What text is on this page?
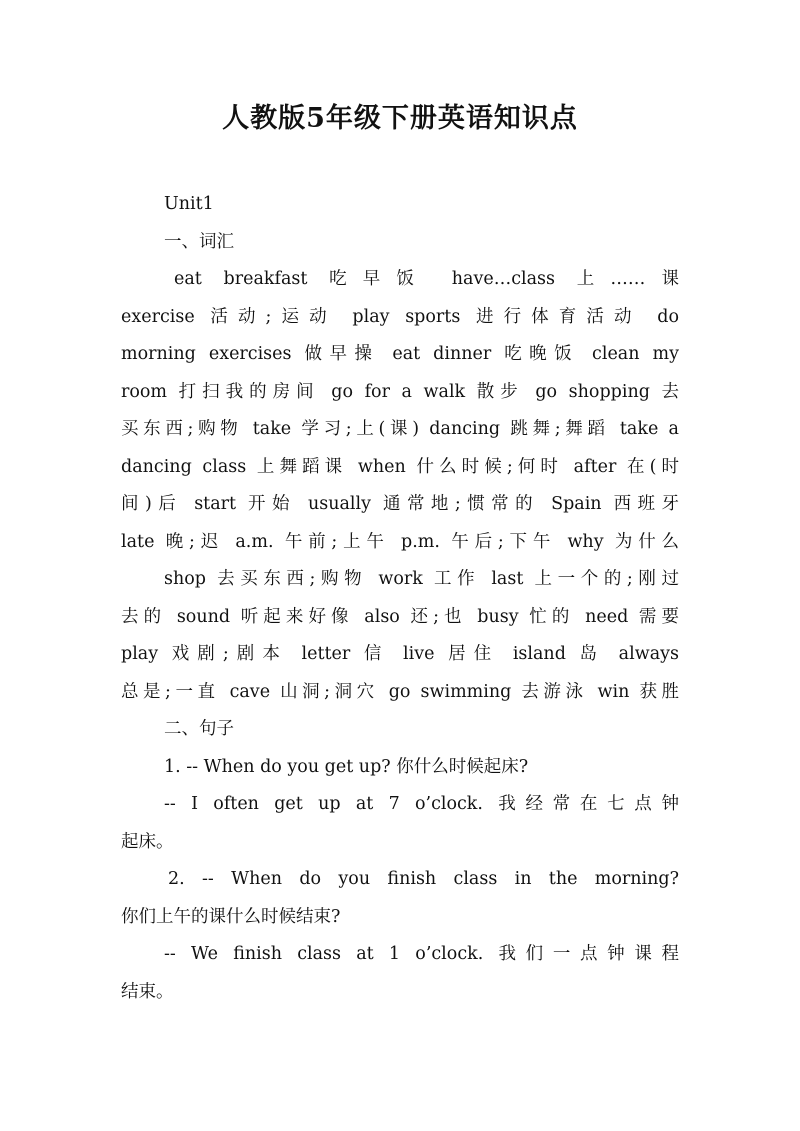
人教版5年级下册英语知识点
Unit1
一、词汇
eat breakfast 吃早饭 have…class 上……课
exercise 活动;运动 play sports 进行体育活动 do
morning exercises 做早操 eat dinner 吃晚饭 clean my
room 打扫我的房间 go for a walk 散步 go shopping 去
买东西;购物 take 学习;上(课) dancing 跳舞;舞蹈 take a
dancing class 上舞蹈课 when 什么时候;何时 after 在(时
间)后 start 开始 usually 通常地;惯常的 Spain 西班牙
late 晚;迟 a.m. 午前;上午 p.m. 午后;下午 why 为什么
shop 去买东西;购物 work 工作 last 上一个的;刚过
去的 sound 听起来好像 also 还;也 busy 忙的 need 需要
play 戏剧;剧本 letter 信 live 居住 island 岛 always
总是;一直 cave 山洞;洞穴 go swimming 去游泳 win 获胜
二、句子
1. -- When do you get up? 你什么时候起床?
-- I often get up at 7 o’clock. 我经常在七点钟
起床。
2. -- When do you finish class in the morning?
你们上午的课什么时候结束?
-- We finish class at 1 o’clock. 我们一点钟课程
结束。
